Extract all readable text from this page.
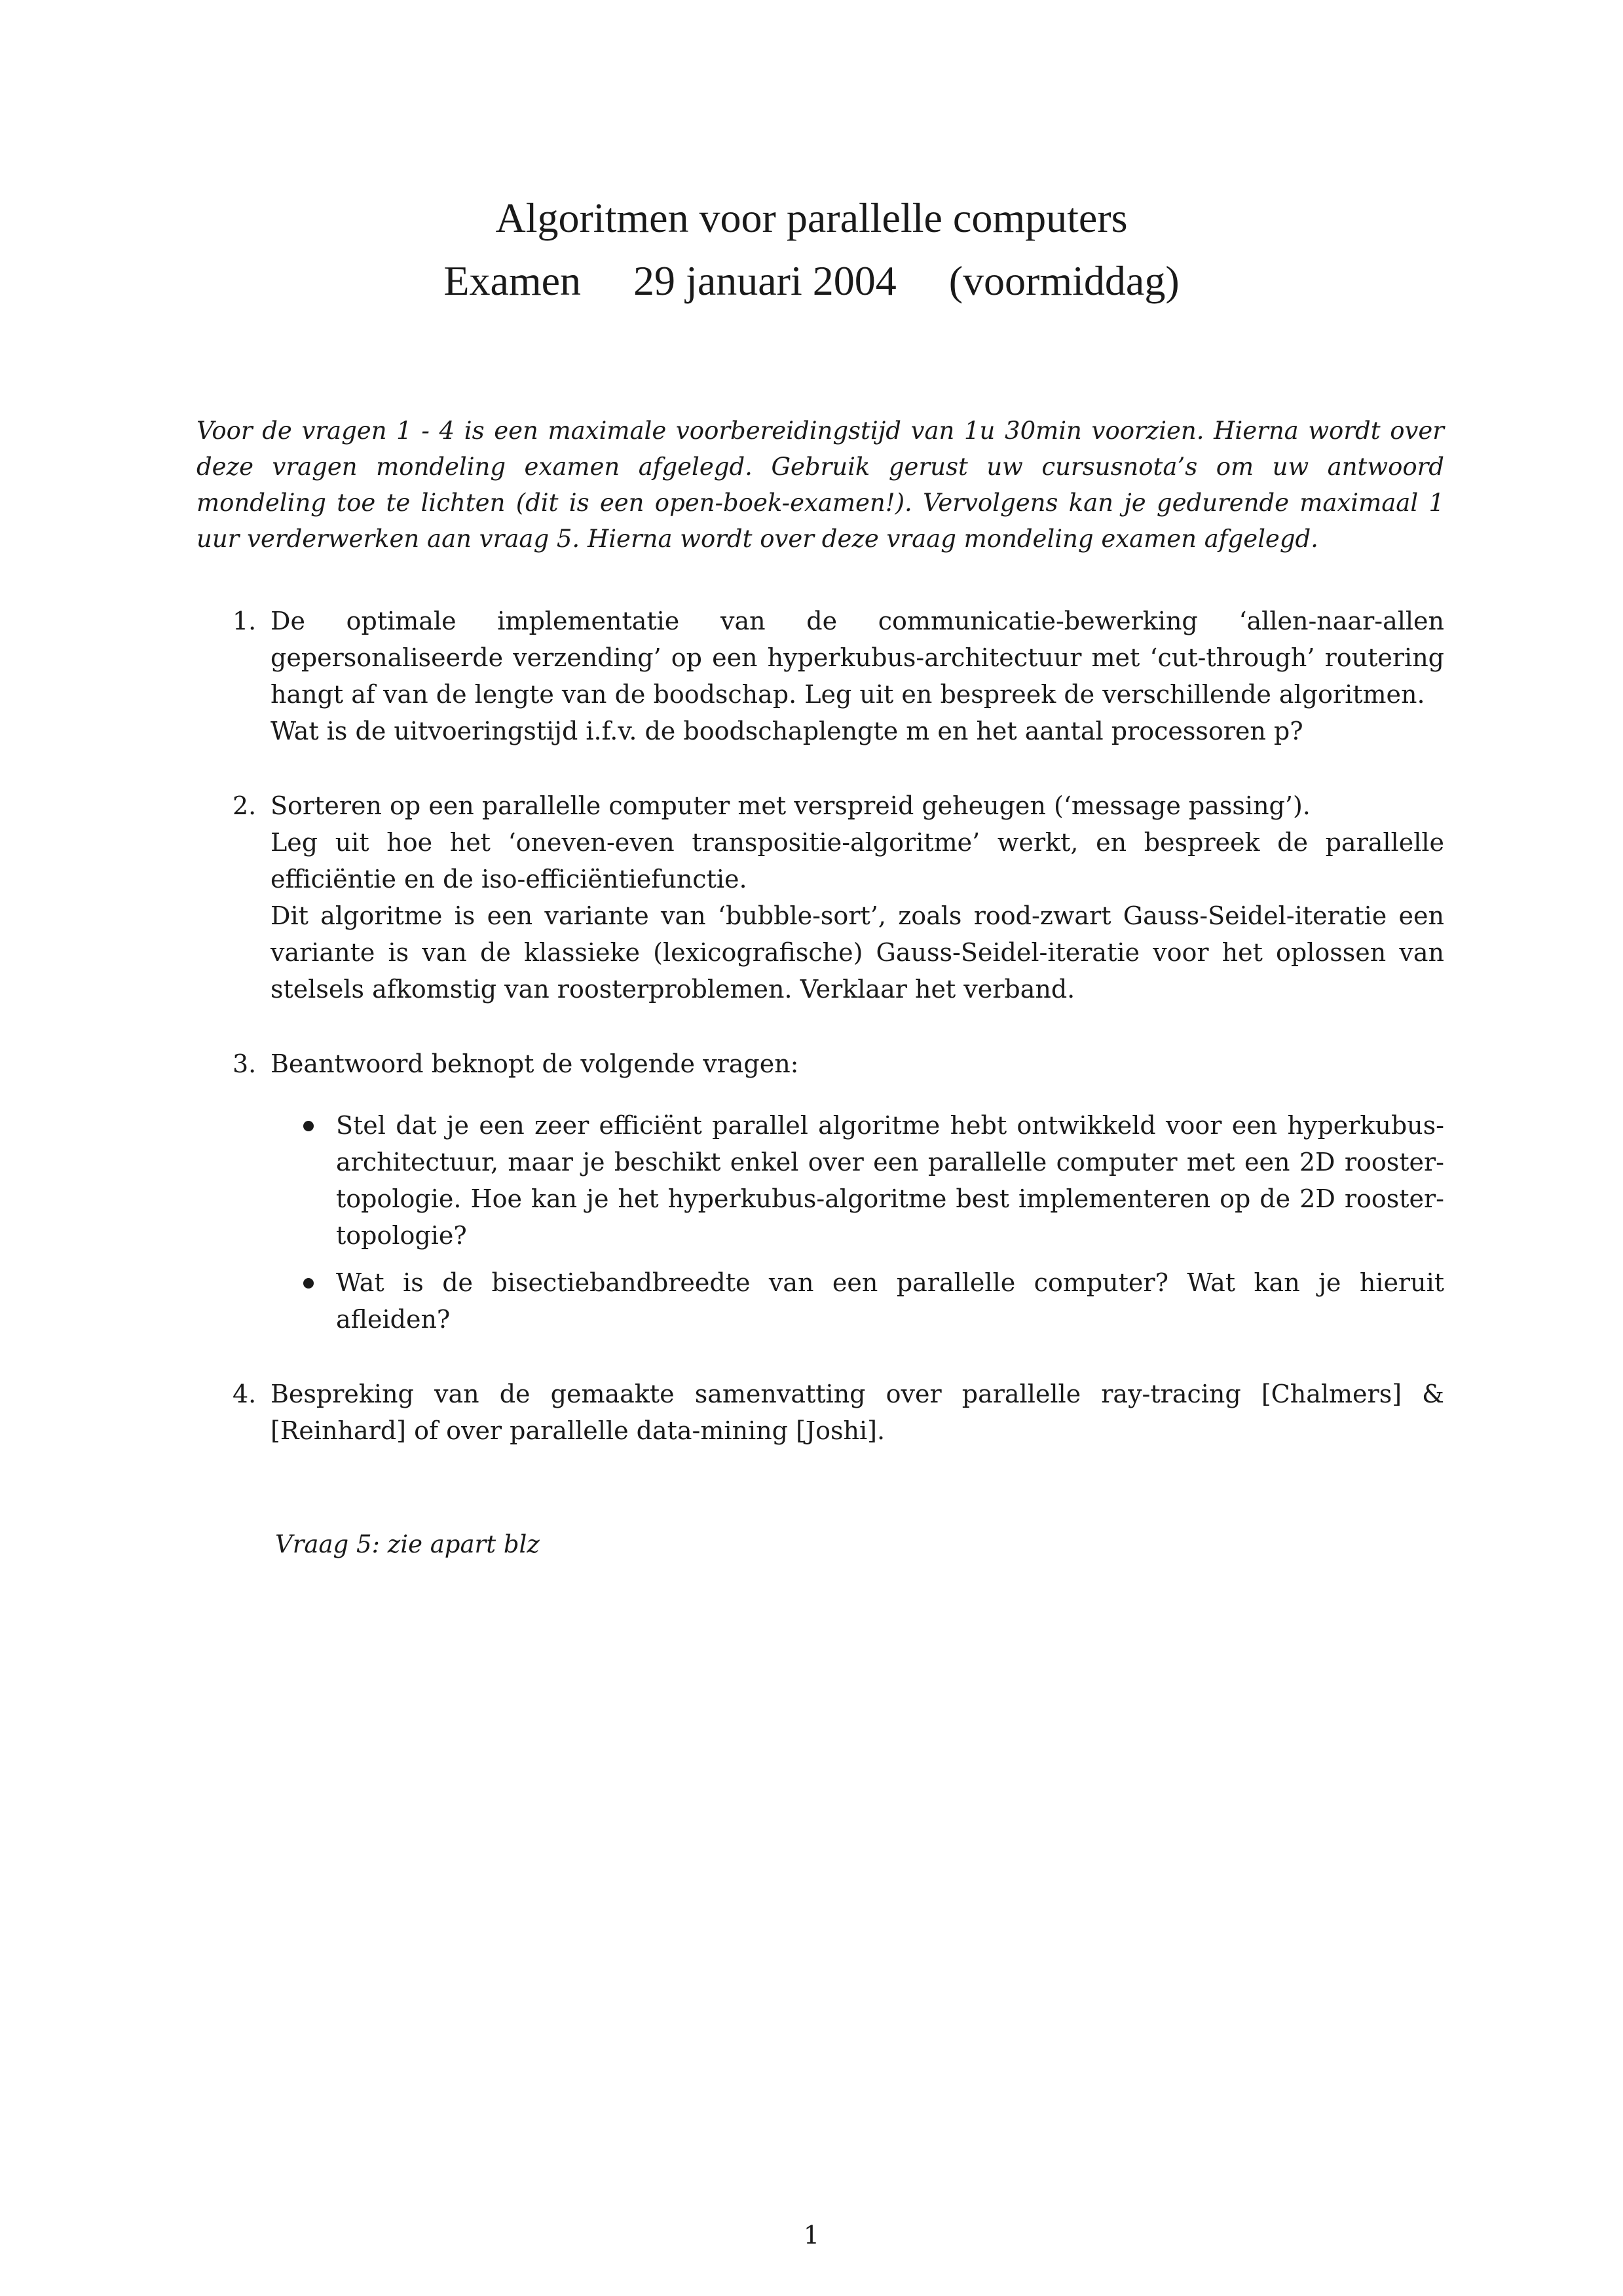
Algoritmen voor parallelle computers
Examen 29 januari 2004 (voormiddag)

Voor de vragen 1 - 4 is een maximale voorbereidingstijd van 1u 30min voorzien. Hierna wordt over deze vragen mondeling examen afgelegd. Gebruik gerust uw cursusnota’s om uw antwoord mondeling toe te lichten (dit is een open-boek-examen!). Vervolgens kan je gedurende maximaal 1 uur verderwerken aan vraag 5. Hierna wordt over deze vraag mondeling examen afgelegd.

1. De optimale implementatie van de communicatie-bewerking ‘allen-naar-allen gepersonaliseerde verzending’ op een hyperkubus-architectuur met ‘cut-through’ routering hangt af van de lengte van de boodschap. Leg uit en bespreek de verschillende algoritmen.

Wat is de uitvoeringstijd i.f.v. de boodschaplengte m en het aantal processoren p?

2. Sorteren op een parallelle computer met verspreid geheugen (‘message passing’).

Leg uit hoe het ‘oneven-even transpositie-algoritme’ werkt, en bespreek de parallelle efficiëntie en de iso-efficiëntiefunctie.

Dit algoritme is een variante van ‘bubble-sort’, zoals rood-zwart Gauss-Seidel-iteratie een variante is van de klassieke (lexicografische) Gauss-Seidel-iteratie voor het oplossen van stelsels afkomstig van roosterproblemen. Verklaar het verband.

3. Beantwoord beknopt de volgende vragen:

Stel dat je een zeer efficiënt parallel algoritme hebt ontwikkeld voor een hyperkubus-architectuur, maar je beschikt enkel over een parallelle computer met een 2D rooster-topologie. Hoe kan je het hyperkubus-algoritme best implementeren op de 2D rooster-topologie?
Wat is de bisectiebandbreedte van een parallelle computer? Wat kan je hieruit afleiden?
4. Bespreking van de gemaakte samenvatting over parallelle ray-tracing [Chalmers] & [Reinhard] of over parallelle data-mining [Joshi].

Vraag 5: zie apart blz

1
